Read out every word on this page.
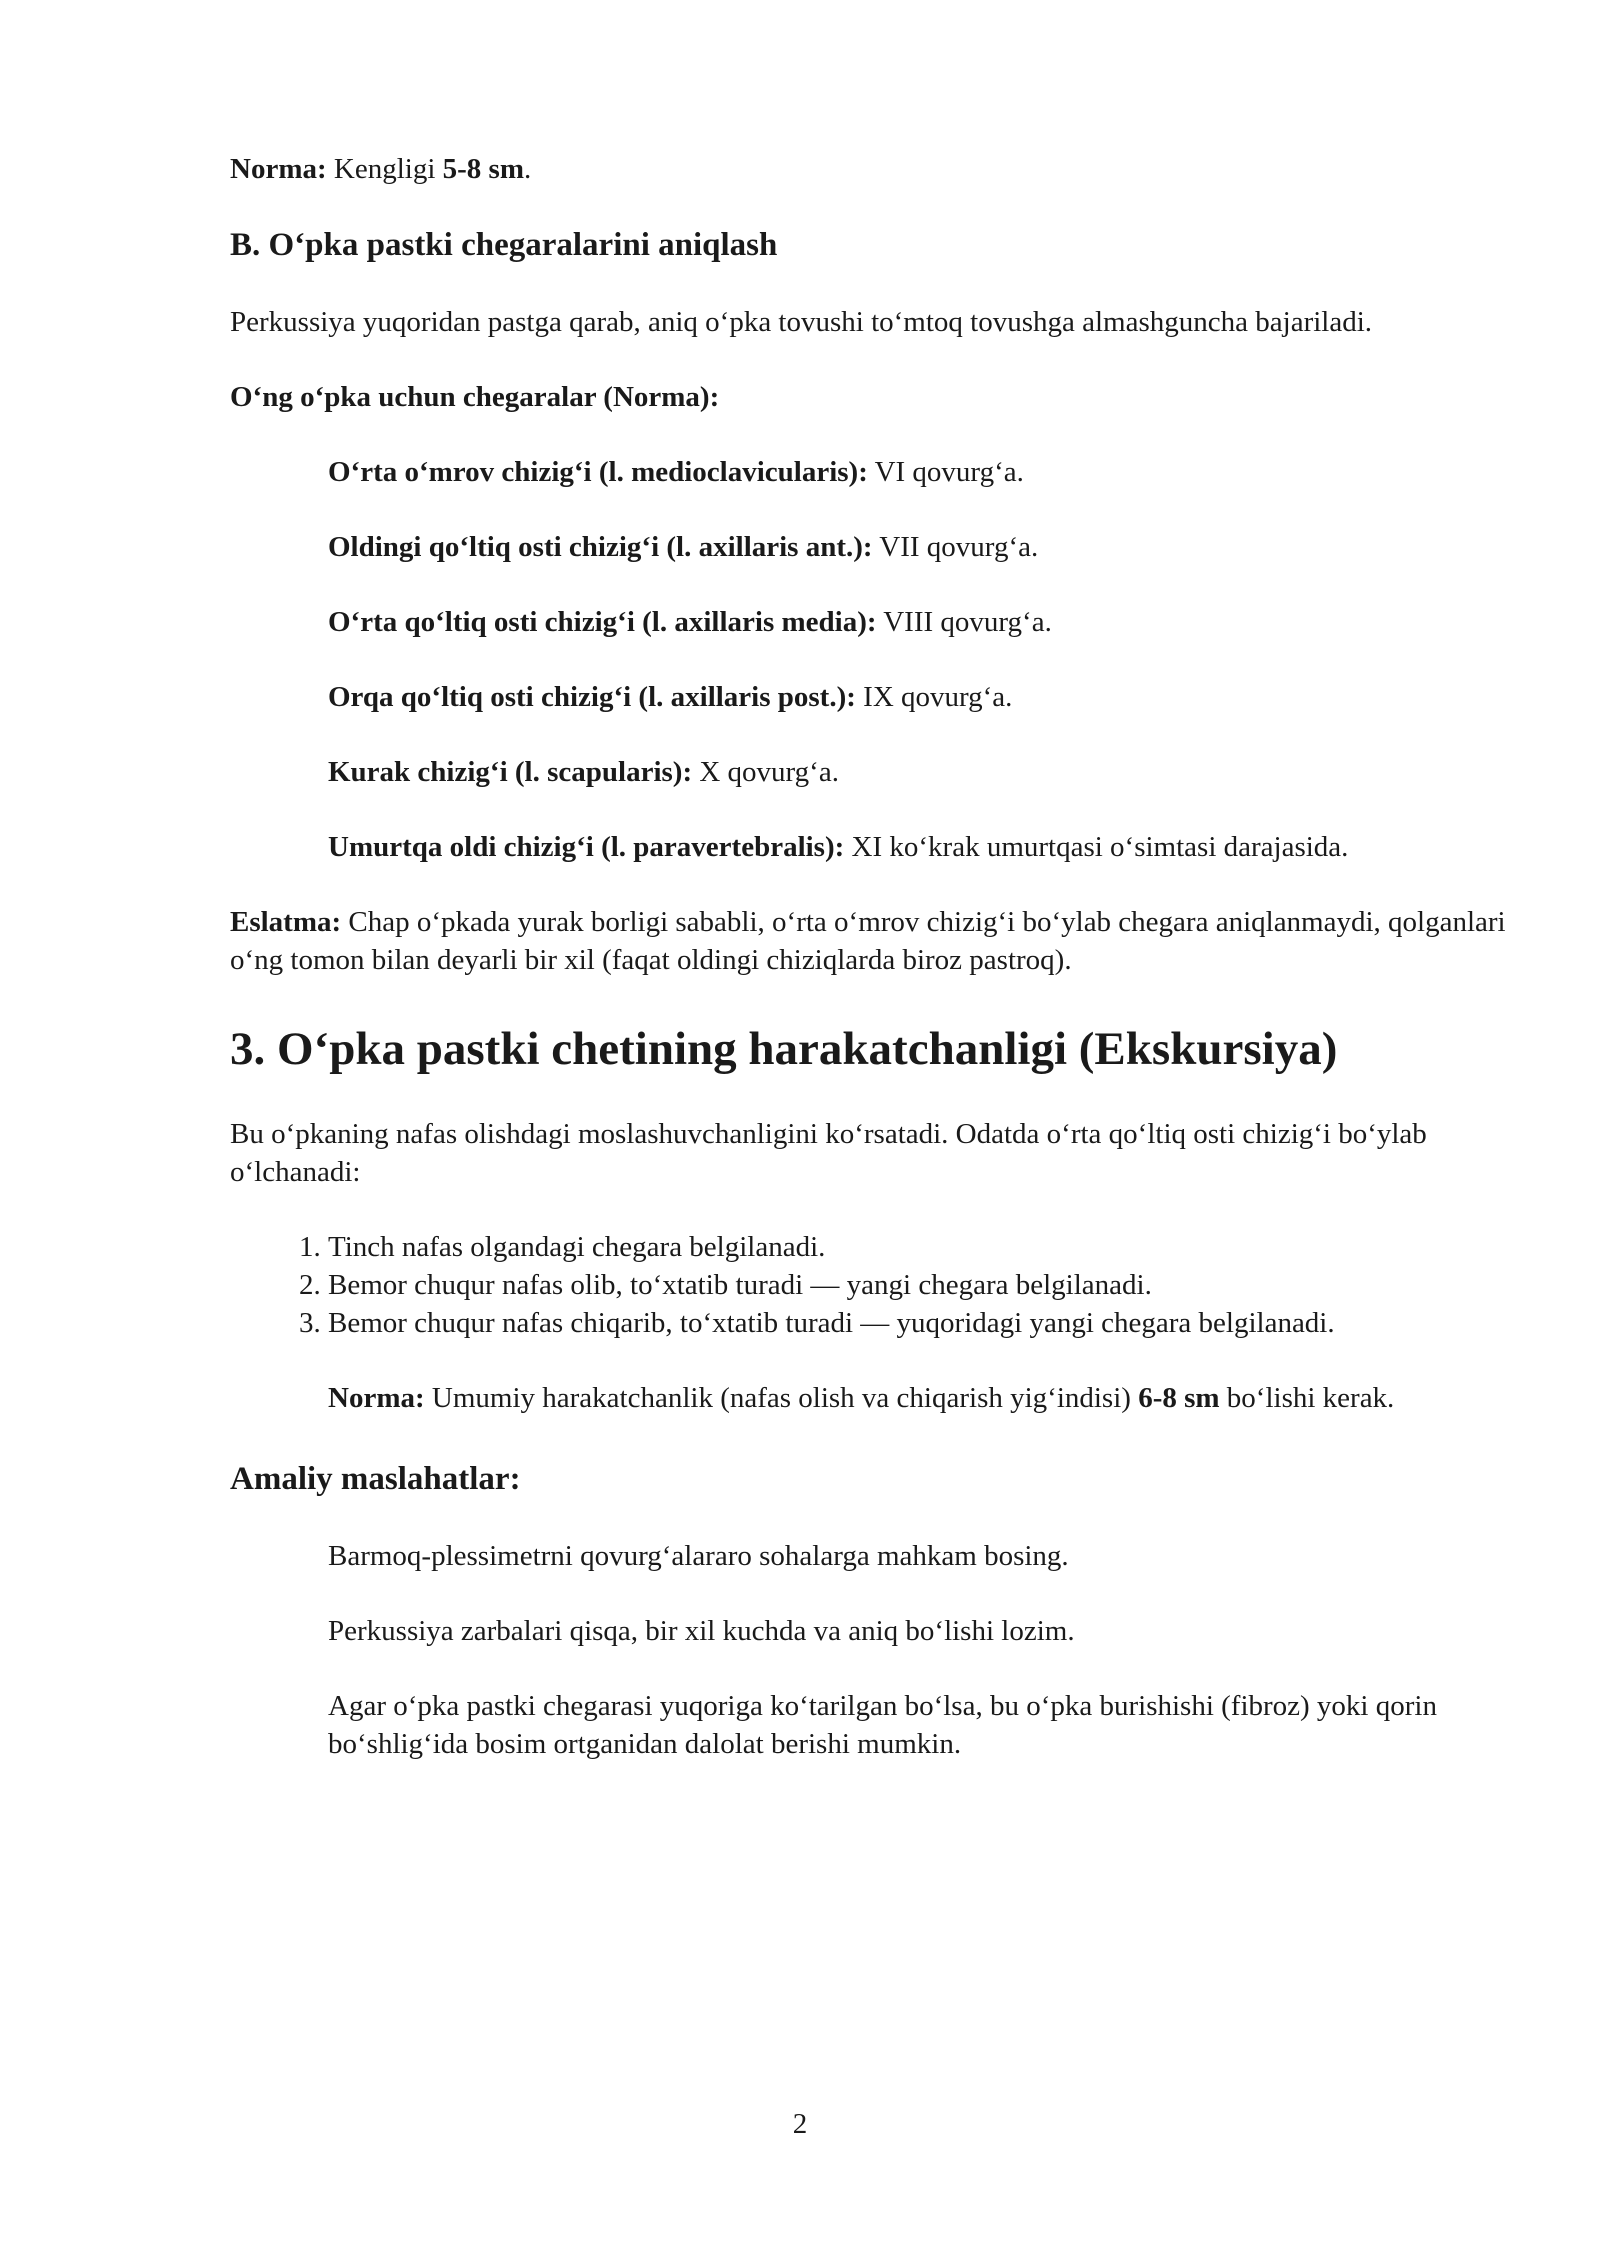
Norma: Kengligi 5-8 sm.

B. O‘pka pastki chegaralarini aniqlash

Perkussiya yuqoridan pastga qarab, aniq o‘pka tovushi to‘mtoq tovushga almashguncha bajariladi.

O‘ng o‘pka uchun chegaralar (Norma):

O‘rta o‘mrov chizig‘i (l. medioclavicularis): VI qovurg‘a.

Oldingi qo‘ltiq osti chizig‘i (l. axillaris ant.): VII qovurg‘a.

O‘rta qo‘ltiq osti chizig‘i (l. axillaris media): VIII qovurg‘a.

Orqa qo‘ltiq osti chizig‘i (l. axillaris post.): IX qovurg‘a.

Kurak chizig‘i (l. scapularis): X qovurg‘a.

Umurtqa oldi chizig‘i (l. paravertebralis): XI ko‘krak umurtqasi o‘simtasi darajasida.

Eslatma: Chap o‘pkada yurak borligi sababli, o‘rta o‘mrov chizig‘i bo‘ylab chegara aniqlanmaydi, qolganlari o‘ng tomon bilan deyarli bir xil (faqat oldingi chiziqlarda biroz pastroq).

3. O‘pka pastki chetining harakatchanligi (Ekskursiya)

Bu o‘pkaning nafas olishdagi moslashuvchanligini ko‘rsatadi. Odatda o‘rta qo‘ltiq osti chizig‘i bo‘ylab o‘lchanadi:

1. Tinch nafas olgandagi chegara belgilanadi.
2. Bemor chuqur nafas olib, to‘xtatib turadi — yangi chegara belgilanadi.
3. Bemor chuqur nafas chiqarib, to‘xtatib turadi — yuqoridagi yangi chegara belgilanadi.

Norma: Umumiy harakatchanlik (nafas olish va chiqarish yig‘indisi) 6-8 sm bo‘lishi kerak.

Amaliy maslahatlar:

Barmoq-plessimetrni qovurg‘alararo sohalarga mahkam bosing.

Perkussiya zarbalari qisqa, bir xil kuchda va aniq bo‘lishi lozim.

Agar o‘pka pastki chegarasi yuqoriga ko‘tarilgan bo‘lsa, bu o‘pka burishishi (fibroz) yoki qorin bo‘shlig‘ida bosim ortganidan dalolat berishi mumkin.

2
